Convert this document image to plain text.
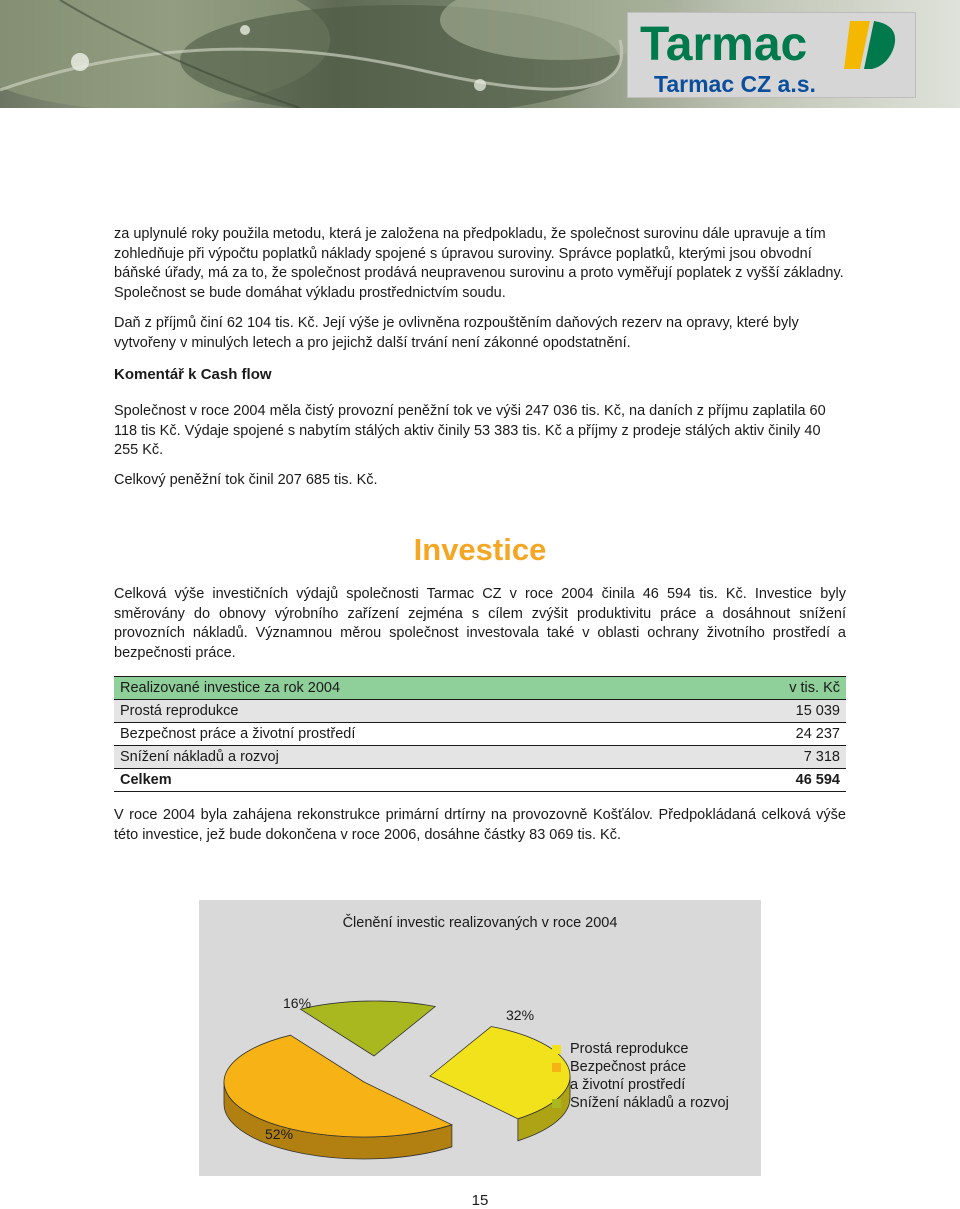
Tarmac
Tarmac CZ a.s.

za uplynulé roky použila metodu, která je založena na předpokladu, že společnost surovinu dále upravuje a tím zohledňuje při výpočtu poplatků náklady spojené s úpravou suroviny. Správce poplatků, kterými jsou obvodní báňské úřady, má za to, že společnost prodává neupravenou surovinu a proto vyměřují poplatek z vyšší základny. Společnost se bude domáhat výkladu prostřednictvím soudu.

Daň z příjmů činí 62 104 tis. Kč. Její výše je ovlivněna rozpouštěním daňových rezerv na opravy, které byly vytvořeny v minulých letech a pro jejichž další trvání není zákonné opodstatnění.

Komentář k Cash flow

Společnost v roce 2004 měla čistý provozní peněžní tok ve výši 247 036 tis. Kč, na daních z příjmu zaplatila 60 118 tis Kč. Výdaje spojené s nabytím stálých aktiv činily 53 383 tis. Kč a příjmy z prodeje stálých aktiv činily 40 255 Kč.

Celkový peněžní tok činil 207 685 tis. Kč.

Investice

Celková výše investičních výdajů společnosti Tarmac CZ v roce 2004 činila 46 594 tis. Kč. Investice byly směrovány do obnovy výrobního zařízení zejména s cílem zvýšit produktivitu práce a dosáhnout snížení provozních nákladů. Významnou měrou společnost investovala také v oblasti ochrany životního prostředí a bezpečnosti práce.

Realizované investice za rok 2004	v tis. Kč
Prostá reprodukce	15 039
Bezpečnost práce a životní prostředí	24 237
Snížení nákladů a rozvoj	7 318
Celkem	46 594

V roce 2004 byla zahájena rekonstrukce primární drtírny na provozovně Košťálov. Předpokládaná celková výše této investice, jež bude dokončena v roce 2006, dosáhne částky 83 069 tis. Kč.

Členění investic realizovaných v roce 2004

16%
32%
52%
Prostá reprodukce
Bezpečnost práce
a životní prostředí
Snížení nákladů a rozvoj

15
